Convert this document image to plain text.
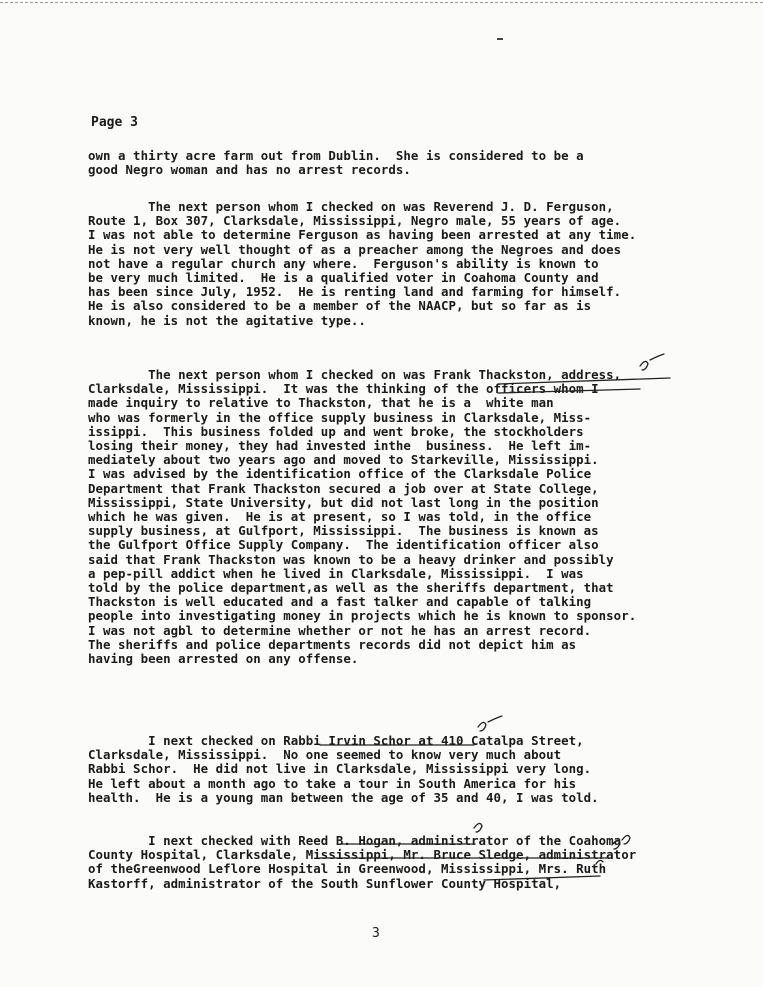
Page 3

own a thirty acre farm out from Dublin.  She is considered to be a
good Negro woman and has no arrest records.
The next person whom I checked on was Reverend J. D. Ferguson,
Route 1, Box 307, Clarksdale, Mississippi, Negro male, 55 years of age.
I was not able to determine Ferguson as having been arrested at any time.
He is not very well thought of as a preacher among the Negroes and does
not have a regular church any where.  Ferguson's ability is known to
be very much limited.  He is a qualified voter in Coahoma County and
has been since July, 1952.  He is renting land and farming for himself.
He is also considered to be a member of the NAACP, but so far as is
known, he is not the agitative type..
The next person whom I checked on was Frank Thackston, address,
Clarksdale, Mississippi.  It was the thinking of the officers whom I
made inquiry to relative to Thackston, that he is a  white man
who was formerly in the office supply business in Clarksdale, Miss-
issippi.  This business folded up and went broke, the stockholders
losing their money, they had invested inthe  business.  He left im-
mediately about two years ago and moved to Starkeville, Mississippi.
I was advised by the identification office of the Clarksdale Police
Department that Frank Thackston secured a job over at State College,
Mississippi, State University, but did not last long in the position
which he was given.  He is at present, so I was told, in the office
supply business, at Gulfport, Mississippi.  The business is known as
the Gulfport Office Supply Company.  The identification officer also
said that Frank Thackston was known to be a heavy drinker and possibly
a pep-pill addict when he lived in Clarksdale, Mississippi.  I was
told by the police department,as well as the sheriffs department, that
Thackston is well educated and a fast talker and capable of talking
people into investigating money in projects which he is known to sponsor.
I was not agbl to determine whether or not he has an arrest record.
The sheriffs and police departments records did not depict him as
having been arrested on any offense.
I next checked on Rabbi Irvin Schor at 410 Catalpa Street,
Clarksdale, Mississippi.  No one seemed to know very much about
Rabbi Schor.  He did not live in Clarksdale, Mississippi very long.
He left about a month ago to take a tour in South America for his
health.  He is a young man between the age of 35 and 40, I was told.
I next checked with Reed B. Hogan, administrator of the Coahoma
County Hospital, Clarksdale, Mississippi, Mr. Bruce Sledge, administrator
of theGreenwood Leflore Hospital in Greenwood, Mississippi, Mrs. Ruth
Kastorff, administrator of the South Sunflower County Hospital,

3
